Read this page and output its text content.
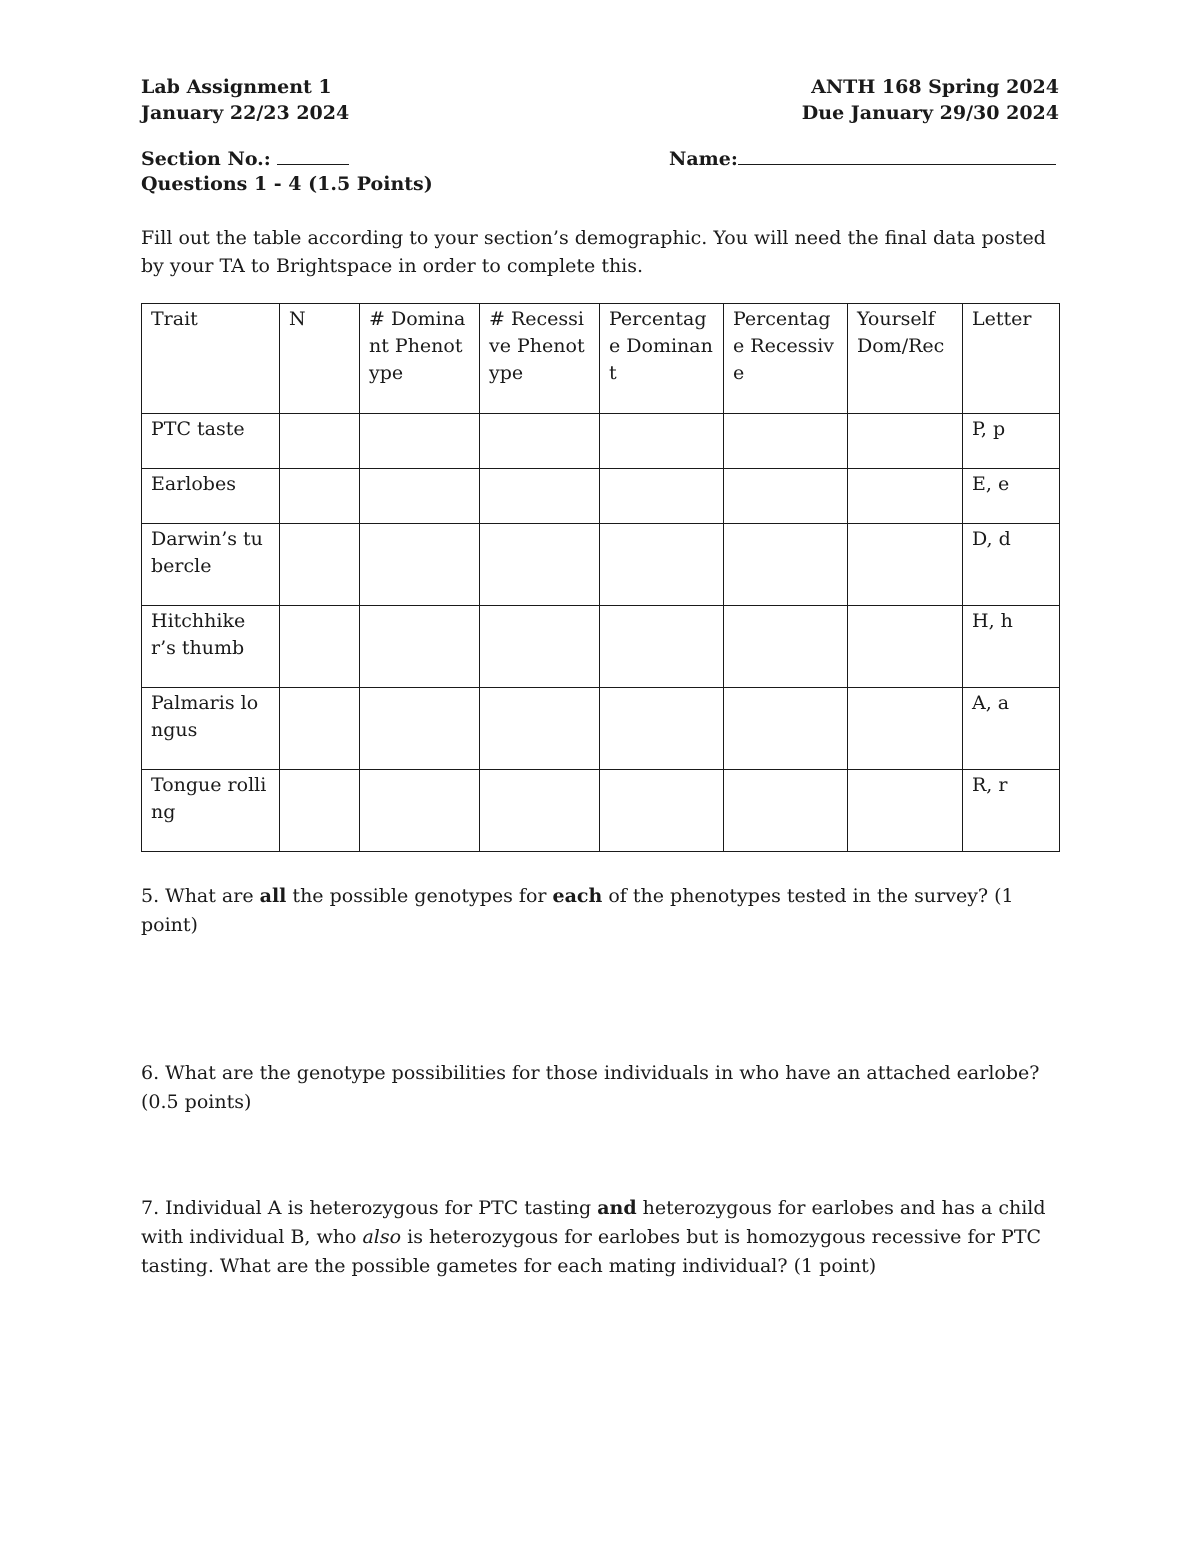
Lab Assignment 1
January 22/23 2024
ANTH 168 Spring 2024
Due January 29/30 2024
Section No.:	Name:
Questions 1 - 4 (1.5 Points)
Fill out the table according to your section’s demographic. You will need the final data posted by your TA to Brightspace in order to complete this.
Trait	N	# Dominant Phenotype	# Recessive Phenotype	Percentage Dominant	Percentage Recessive	Yourself Dom/Rec	Letter
PTC taste							P, p
Earlobes							E, e
Darwin’s tubercle							D, d
Hitchhiker’s thumb							H, h
Palmaris longus							A, a
Tongue rolling							R, r
5. What are all the possible genotypes for each of the phenotypes tested in the survey? (1 point)
6. What are the genotype possibilities for those individuals in who have an attached earlobe? (0.5 points)
7. Individual A is heterozygous for PTC tasting and heterozygous for earlobes and has a child with individual B, who also is heterozygous for earlobes but is homozygous recessive for PTC tasting. What are the possible gametes for each mating individual? (1 point)
